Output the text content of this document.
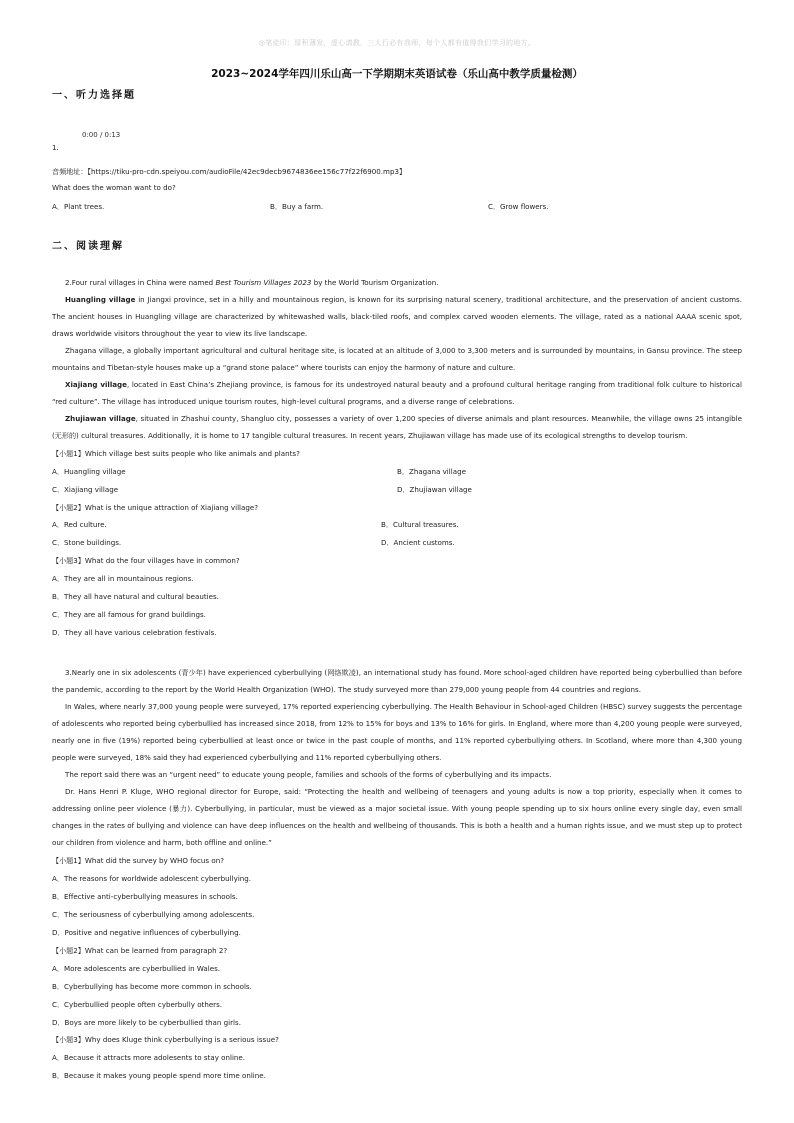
◎笔徒印：厚积薄发，虚心请教，三人行必有我师，每个人都有值得我们学习的地方。
2023~2024学年四川乐山高一下学期期末英语试卷（乐山高中教学质量检测）
一、听力选择题
0:00 / 0:13
1.
音频地址：【https://tiku-pro-cdn.speiyou.com/audioFile/42ec9decb9674836ee156c77f22f6900.mp3】
What does the woman want to do?
A．Plant trees.	B．Buy a farm.	C．Grow flowers.
二、阅读理解
2.Four rural villages in China were named Best Tourism Villages 2023 by the World Tourism Organization.
Huangling village in Jiangxi province, set in a hilly and mountainous region, is known for its surprising natural scenery, traditional architecture, and the preservation of ancient customs. The ancient houses in Huangling village are characterized by whitewashed walls, black-tiled roofs, and complex carved wooden elements. The village, rated as a national AAAA scenic spot, draws worldwide visitors throughout the year to view its live landscape.
Zhagana village, a globally important agricultural and cultural heritage site, is located at an altitude of 3,000 to 3,300 meters and is surrounded by mountains, in Gansu province. The steep mountains and Tibetan-style houses make up a “grand stone palace” where tourists can enjoy the harmony of nature and culture.
Xiajiang village, located in East China’s Zhejiang province, is famous for its undestroyed natural beauty and a profound cultural heritage ranging from traditional folk culture to historical “red culture”. The village has introduced unique tourism routes, high-level cultural programs, and a diverse range of celebrations.
Zhujiawan village, situated in Zhashui county, Shangluo city, possesses a variety of over 1,200 species of diverse animals and plant resources. Meanwhile, the village owns 25 intangible (无形的) cultural treasures. Additionally, it is home to 17 tangible cultural treasures. In recent years, Zhujiawan village has made use of its ecological strengths to develop tourism.
【小题1】Which village best suits people who like animals and plants?
A．Huangling village	B．Zhagana village
C．Xiajiang village	D．Zhujiawan village
【小题2】What is the unique attraction of Xiajiang village?
A．Red culture.	B．Cultural treasures.
C．Stone buildings.	D．Ancient customs.
【小题3】What do the four villages have in common?
A．They are all in mountainous regions.
B．They all have natural and cultural beauties.
C．They are all famous for grand buildings.
D．They all have various celebration festivals.
3.Nearly one in six adolescents (青少年) have experienced cyberbullying (网络欺凌), an international study has found. More school-aged children have reported being cyberbullied than before the pandemic, according to the report by the World Health Organization (WHO). The study surveyed more than 279,000 young people from 44 countries and regions.
In Wales, where nearly 37,000 young people were surveyed, 17% reported experiencing cyberbullying. The Health Behaviour in School-aged Children (HBSC) survey suggests the percentage of adolescents who reported being cyberbullied has increased since 2018, from 12% to 15% for boys and 13% to 16% for girls. In England, where more than 4,200 young people were surveyed, nearly one in five (19%) reported being cyberbullied at least once or twice in the past couple of months, and 11% reported cyberbullying others. In Scotland, where more than 4,300 young people were surveyed, 18% said they had experienced cyberbullying and 11% reported cyberbullying others.
The report said there was an “urgent need” to educate young people, families and schools of the forms of cyberbullying and its impacts.
Dr. Hans Henri P. Kluge, WHO regional director for Europe, said: “Protecting the health and wellbeing of teenagers and young adults is now a top priority, especially when it comes to addressing online peer violence (暴力). Cyberbullying, in particular, must be viewed as a major societal issue. With young people spending up to six hours online every single day, even small changes in the rates of bullying and violence can have deep influences on the health and wellbeing of thousands. This is both a health and a human rights issue, and we must step up to protect our children from violence and harm, both offline and online.”
【小题1】What did the survey by WHO focus on?
A．The reasons for worldwide adolescent cyberbullying.
B．Effective anti-cyberbullying measures in schools.
C．The seriousness of cyberbullying among adolescents.
D．Positive and negative influences of cyberbullying.
【小题2】What can be learned from paragraph 2?
A．More adolescents are cyberbullied in Wales.
B．Cyberbullying has become more common in schools.
C．Cyberbullied people often cyberbully others.
D．Boys are more likely to be cyberbullied than girls.
【小题3】Why does Kluge think cyberbullying is a serious issue?
A．Because it attracts more adolesents to stay online.
B．Because it makes young people spend more time online.
